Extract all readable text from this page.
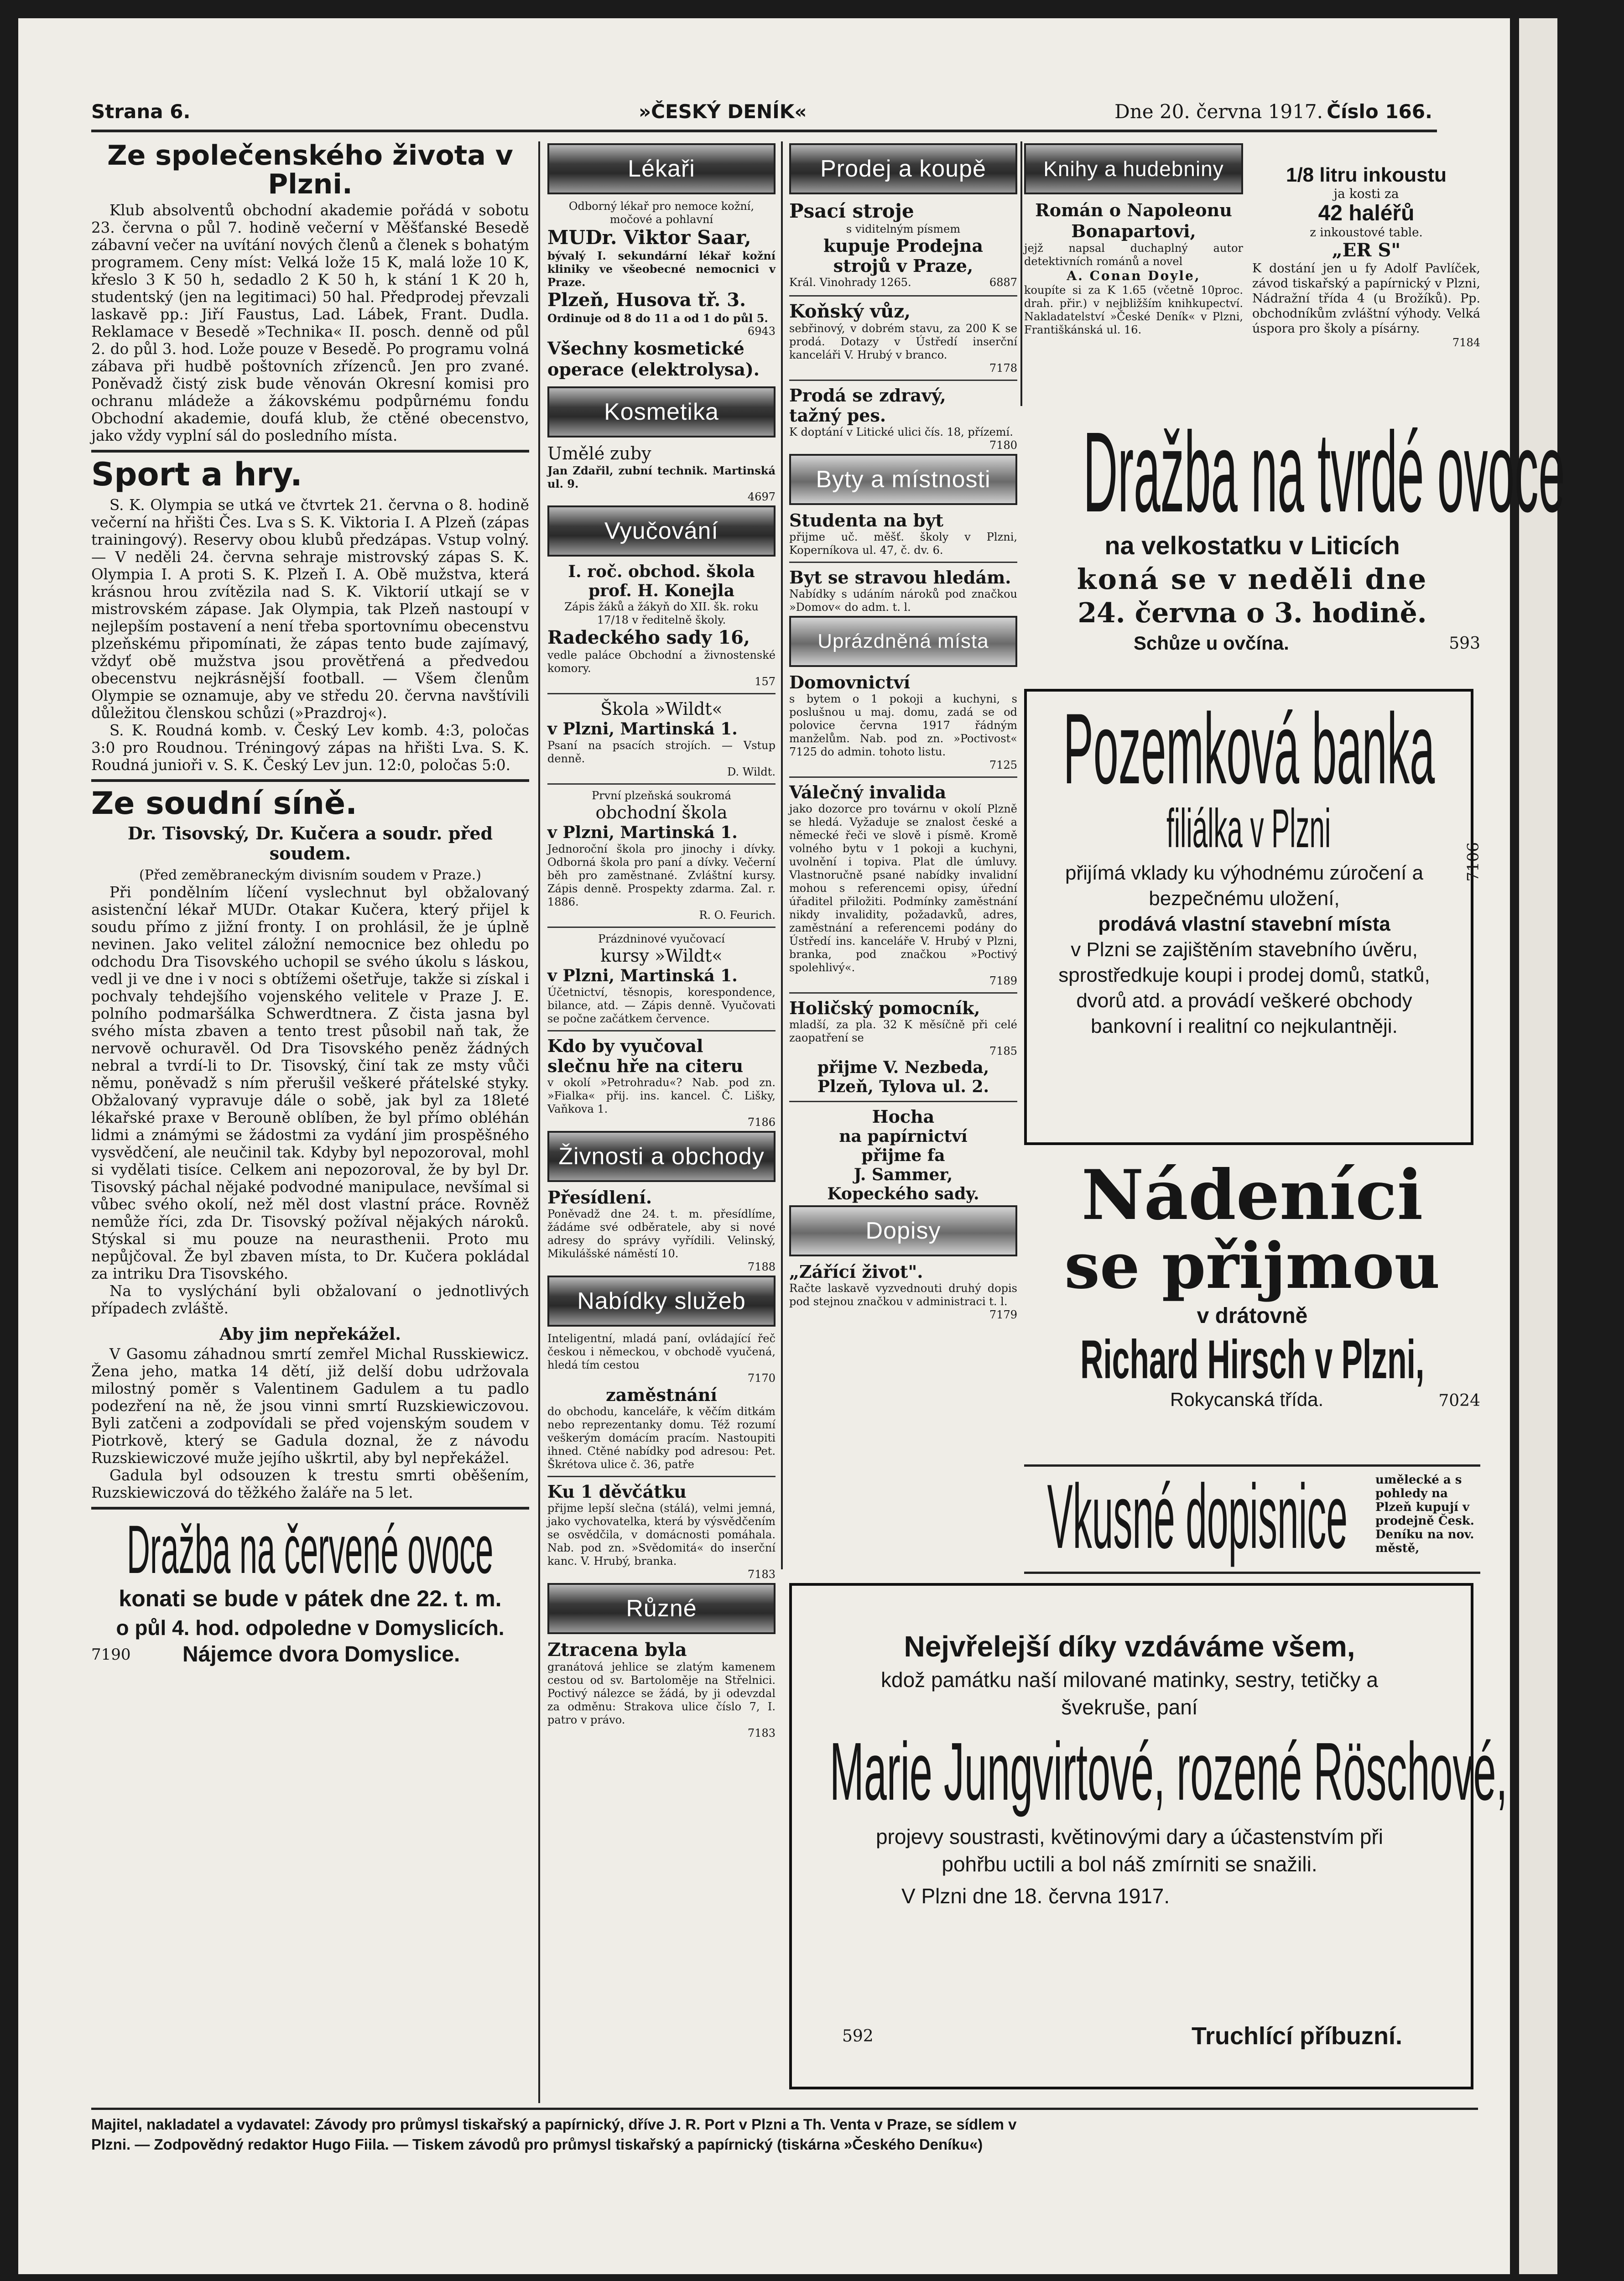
Strana 6.	»ČESKÝ DENÍK«	Dne 20. června 1917. Číslo 166.

Ze společenského života v Plzni.

Klub absolventů obchodní akademie pořádá v sobotu 23. června o půl 7. hodině večerní v Měšťanské Besedě zábavní večer na uvítání nových členů a členek s bohatým programem. Ceny míst: Velká lože 15 K, malá lože 10 K, křeslo 3 K 50 h, sedadlo 2 K 50 h, k stání 1 K 20 h, studentský (jen na legitimaci) 50 hal. Předprodej převzali laskavě pp.: Jiří Faustus, Lad. Lábek, Frant. Dudla. Reklamace v Besedě »Technika« II. posch. denně od půl 2. do půl 3. hod. Lože pouze v Besedě. Po programu volná zábava při hudbě poštovních zřízenců. Jen pro zvané. Poněvadž čistý zisk bude věnován Okresní komisi pro ochranu mládeže a žákovskému podpůrnému fondu Obchodní akademie, doufá klub, že ctěné obecenstvo, jako vždy vyplní sál do posledního místa.

Sport a hry.

S. K. Olympia se utká ve čtvrtek 21. června o 8. hodině večerní na hřišti Čes. Lva s S. K. Viktoria I. A Plzeň (zápas trainingový). Reservy obou klubů předzápas. Vstup volný. — V neděli 24. června sehraje mistrovský zápas S. K. Olympia I. A proti S. K. Plzeň I. A. Obě mužstva, která krásnou hrou zvítězila nad S. K. Viktorií utkají se v mistrovském zápase. Jak Olympia, tak Plzeň nastoupí v nejlepším postavení a není třeba sportovnímu obecenstvu plzeňskému připomínati, že zápas tento bude zajímavý, vždyť obě mužstva jsou provětřená a předvedou obecenstvu nejkrásnější football. — Všem členům Olympie se oznamuje, aby ve středu 20. června navštívili důležitou členskou schůzi (»Prazdroj«).

S. K. Roudná komb. v. Český Lev komb. 4:3, poločas 3:0 pro Roudnou. Tréningový zápas na hřišti Lva. S. K. Roudná junioři v. S. K. Český Lev jun. 12:0, poločas 5:0.

Ze soudní síně.

Dr. Tisovský, Dr. Kučera a soudr. před soudem.

(Před zeměbraneckým divisním soudem v Praze.)

Při pondělním líčení vyslechnut byl obžalovaný asistenční lékař MUDr. Otakar Kučera, který přijel k soudu přímo z jižní fronty. I on prohlásil, že je úplně nevinen. Jako velitel záložní nemocnice bez ohledu po odchodu Dra Tisovského uchopil se svého úkolu s láskou, vedl ji ve dne i v noci s obtížemi ošetřuje, takže si získal i pochvaly tehdejšího vojenského velitele v Praze J. E. polního podmaršálka Schwerdtnera. Z čista jasna byl svého místa zbaven a tento trest působil naň tak, že nervově ochuravěl. Od Dra Tisovského peněz žádných nebral a tvrdí-li to Dr. Tisovský, činí tak ze msty vůči němu, poněvadž s ním přerušil veškeré přátelské styky. Obžalovaný vypravuje dále o sobě, jak byl za 18leté lékařské praxe v Berouně oblíben, že byl přímo obléhán lidmi a známými se žádostmi za vydání jim prospěšného vysvědčení, ale neučinil tak. Kdyby byl nepozoroval, mohl si vydělati tisíce. Celkem ani nepozoroval, že by byl Dr. Tisovský páchal nějaké podvodné manipulace, nevšímal si vůbec svého okolí, než měl dost vlastní práce. Rovněž nemůže říci, zda Dr. Tisovský požíval nějakých nároků. Stýskal si mu pouze na neurasthenii. Proto mu nepůjčoval. Že byl zbaven místa, to Dr. Kučera pokládal za intriku Dra Tisovského.

Na to vyslýchání byli obžalovaní o jednotlivých případech zvláště.

Aby jim nepřekážel.

V Gasomu záhadnou smrtí zemřel Michal Russkiewicz. Žena jeho, matka 14 dětí, již delší dobu udržovala milostný poměr s Valentinem Gadulem a tu padlo podezření na ně, že jsou vinni smrtí Ruzskiewiczovou. Byli zatčeni a zodpovídali se před vojenským soudem v Piotrkově, který se Gadula doznal, že z návodu Ruzskiewiczové muže jejího uškrtil, aby byl nepřekážel.

Gadula byl odsouzen k trestu smrti oběšením, Ruzskiewiczová do těžkého žaláře na 5 let.

Dražba na červené ovoce

konati se bude v pátek dne 22. t. m.

o půl 4. hod. odpoledne v Domyslicích.

7190 Nájemce dvora Domyslice.
Lékaři

Odborný lékař pro nemoce kožní, močové a pohlavní

MUDr. Viktor Saar,

bývalý I. sekundární lékař kožní kliniky ve všeobecné nemocnici v Praze.

Plzeň, Husova tř. 3.

Ordinuje od 8 do 11 a od 1 do půl 5.

6943

Všechny kosmetické

operace (elektrolysa).

Kosmetika

Umělé zuby

Jan Zdařil, zubní technik. Martinská ul. 9.

4697

Vyučování

I. roč. obchod. škola prof. H. Konejla

Zápis žáků a žákyň do XII. šk. roku 17/18 v ředitelně školy.

Radeckého sady 16,

vedle paláce Obchodní a živnostenské komory.

157

Škola »Wildt«

v Plzni, Martinská 1.

Psaní na psacích strojích. — Vstup denně.

D. Wildt.

První plzeňská soukromá

obchodní škola

v Plzni, Martinská 1.

Jednoroční škola pro jinochy i dívky. Odborná škola pro paní a dívky. Večerní běh pro zaměstnané. Zvláštní kursy. Zápis denně. Prospekty zdarma. Zal. r. 1886.

R. O. Feurich.

Prázdninové vyučovací

kursy »Wildt«

v Plzni, Martinská 1.

Účetnictví, těsnopis, korespondence, bilance, atd. — Zápis denně. Vyučovati se počne začátkem července.

Kdo by vyučoval

slečnu hře na citeru

v okolí »Petrohradu«? Nab. pod zn. »Fialka« přij. ins. kancel. Č. Lišky, Vaňkova 1.

7186

Živnosti a obchody

Přesídlení.

Poněvadž dne 24. t. m. přesídlíme, žádáme své odběratele, aby si nové adresy do správy vyřídili. Velinský, Mikulášské náměstí 10.

7188

Nabídky služeb

Inteligentní, mladá paní, ovládající řeč českou i německou, v obchodě vyučená, hledá tím cestou

7170

zaměstnání

do obchodu, kanceláře, k věčím ditkám nebo reprezentanky domu. Též rozumí veškerým domácím pracím. Nastoupiti ihned. Ctěné nabídky pod adresou: Pet. Škrétova ulice č. 36, patře

Ku 1 děvčátku

přijme lepší slečna (stálá), velmi jemná, jako vychovatelka, která by výsvědčením se osvědčila, v domácnosti pomáhala. Nab. pod zn. »Svědomitá« do inserční kanc. V. Hrubý, branka.

7183

Různé

Ztracena byla

granátová jehlice se zlatým kamenem cestou od sv. Bartoloměje na Střelnici. Poctivý nálezce se žádá, by ji odevzdal za odměnu: Strakova ulice číslo 7, I. patro v právo.

7183

Prodej a koupě

Psací stroje

s viditelným písmem

kupuje Prodejna

strojů v Praze,

Král. Vinohrady 1265.	6887

Koňský vůz,

sebřinový, v dobrém stavu, za 200 K se prodá. Dotazy v Ústředí inserční kanceláři V. Hrubý v branco.

7178

Prodá se zdravý,

tažný pes.

K doptání v Litické ulici čís. 18, přízemí.

7180

Byty a místnosti

Studenta na byt

přijme uč. měšť. školy v Plzni, Koperníkova ul. 47, č. dv. 6.

Byt se stravou hledám.

Nabídky s udáním nároků pod značkou »Domov« do adm. t. l.

Uprázdněná místa

Domovnictví

s bytem o 1 pokoji a kuchyni, s poslušnou u maj. domu, zadá se od polovice června 1917 řádným manželům. Nab. pod zn. »Poctivost« 7125 do admin. tohoto listu.

7125

Válečný invalida

jako dozorce pro továrnu v okolí Plzně se hledá. Vyžaduje se znalost české a německé řeči ve slově i písmě. Kromě volného bytu v 1 pokoji a kuchyni, uvolnění i topiva. Plat dle úmluvy. Vlastnoručně psané nabídky invalidní mohou s referencemi opisy, úřední úřaditel přiložiti. Podmínky zaměstnání nikdy invalidity, požadavků, adres, zaměstnání a referencemi podány do Ústředí ins. kanceláře V. Hrubý v Plzni, branka, pod značkou »Poctivý spolehlivý«.

7189

Holičský pomocník,

mladší, za pla. 32 K měsíčně při celé zaopatření se

7185

přijme V. Nezbeda,

Plzeň, Tylova ul. 2.

Hocha

na papírnictví

přijme fa

J. Sammer,

Kopeckého sady.

Dopisy

„Zářící život".

Račte laskavě vyzvednouti druhý dopis pod stejnou značkou v administraci t. l.

7179

Knihy a hudebniny

Román o Napoleonu

Bonapartovi,

jejž napsal duchaplný autor detektivních románů a novel

A. Conan Doyle,

koupíte si za K 1.65 (včetně 10proc. drah. přir.) v nejbližším knihkupectví. Nakladatelství »České Deník« v Plzni, Františkánská ul. 16.

1/8 litru inkoustu

ja kosti za

42 haléřů

z inkoustové table.

„ER S"

K dostání jen u fy Adolf Pavlíček, závod tiskařský a papírnický v Plzni, Nádražní třída 4 (u Brožíků). Pp. obchodníkům zvláštní výhody. Velká úspora pro školy a písárny.

7184

Dražba na tvrdé ovoce

na velkostatku v Liticích

koná se v neděli dne

24. června o 3. hodině.

Schůze u ovčína.	593
Pozemková banka
filiálka v Plzni

přijímá vklady ku výhodnému zúročení a bezpečnému uložení,

prodává vlastní stavební místa

v Plzni se zajištěním stavebního úvěru, sprostředkuje koupi i prodej domů, statků, dvorů atd. a provádí veškeré obchody bankovní i realitní co nejkulantněji.

7106

Nádeníci

se přijmou

v drátovně

Richard Hirsch v Plzni,
Rokycanská třída.	7024
Vkusné dopisnice	umělecké a s pohledy na Plzeň kupují v prodejně Česk. Deníku na nov. městě,

Nejvřelejší díky vzdáváme všem,

kdož památku naší milované matinky, sestry, tetičky a švekruše, paní

Marie Jungvirtové, rozené Röschové,

projevy soustrasti, květinovými dary a účastenstvím při pohřbu uctili a bol náš zmírniti se snažili.

V Plzni dne 18. června 1917.

592	Truchlící příbuzní.

Majitel, nakladatel a vydavatel: Závody pro průmysl tiskařský a papírnický, dříve J. R. Port v Plzni a Th. Venta v Praze, se sídlem v

Plzni. — Zodpovědný redaktor Hugo Fiila. — Tiskem závodů pro průmysl tiskařský a papírnický (tiskárna »Českého Deníku«)
